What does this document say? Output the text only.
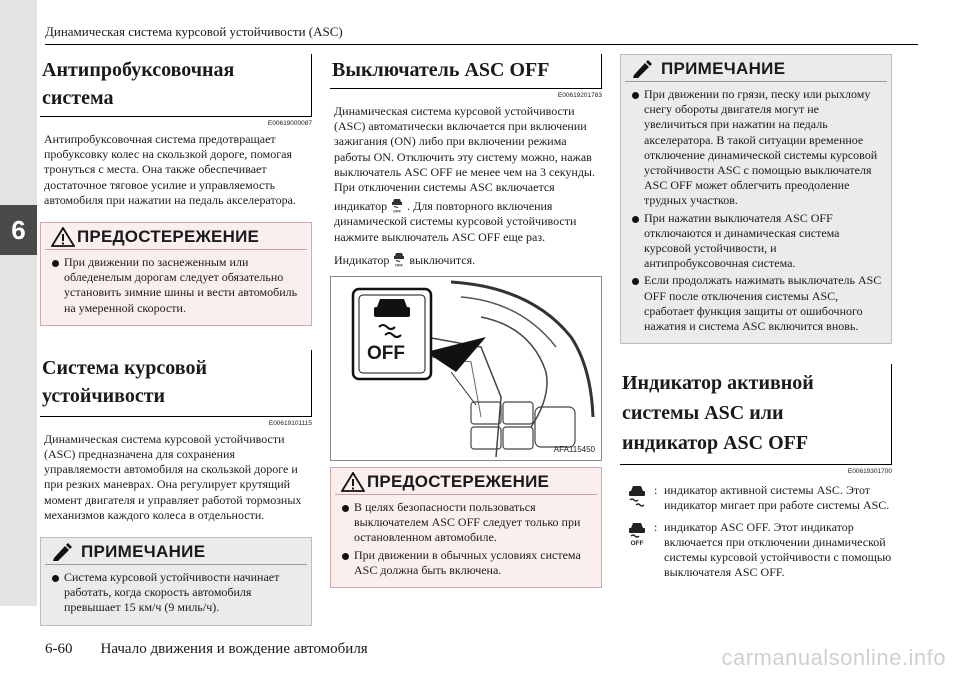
6
Динамическая система курсовой устойчивости (ASC)
Антипробуксовочная система
E00619000087

Антипробуксовочная система предотвращает пробуксовку колес на скользкой дороге, помогая тронуться с места. Она также обеспечивает достаточное тяговое усилие и управляемость автомобиля при нажатии на педаль акселератора.

ПРЕДОСТЕРЕЖЕНИЕ
При движении по заснеженным или обледенелым дорогам следует обязательно установить зимние шины и вести автомобиль на умеренной скорости.
Система курсовой устойчивости
E00619101115

Динамическая система курсовой устойчивости (ASC) предназначена для сохранения управляемости автомобиля на скользкой дороге и при резких маневрах. Она регулирует крутящий момент двигателя и управляет работой тормозных механизмов каждого колеса в отдельности.

ПРИМЕЧАНИЕ
Система курсовой устойчивости начинает работать, когда скорость автомобиля превышает 15 км/ч (9 миль/ч).
Выключатель ASC OFF
E00619201783

Динамическая система курсовой устойчивости (ASC) автоматически включается при включении зажигания (ON) либо при включении режима работы ON. Отключить эту систему можно, нажав выключатель ASC OFF не менее чем на 3 секунды.

При отключении системы ASC включается

индикатор OFF . Для повторного включения динамической системы курсовой устойчивости нажмите выключатель ASC OFF еще раз.

Индикатор OFF выключится.

OFF
AFA115450
ПРЕДОСТЕРЕЖЕНИЕ
В целях безопасности пользоваться выключателем ASC OFF следует только при остановленном автомобиле.
При движении в обычных условиях система ASC должна быть включена.
ПРИМЕЧАНИЕ
При движении по грязи, песку или рыхлому снегу обороты двигателя могут не увеличиться при нажатии на педаль акселератора. В такой ситуации временное отключение динамической системы курсовой устойчивости ASC с помощью выключателя ASC OFF может облегчить преодоление трудных участков.
При нажатии выключателя ASC OFF отключаются и динамическая система курсовой устойчивости, и антипробуксовочная система.
Если продолжать нажимать выключатель ASC OFF после отключения системы ASC, сработает функция защиты от ошибочного нажатия и система ASC включится вновь.
Индикатор активной системы ASC или индикатор ASC OFF
E00619301700
: индикатор активной системы ASC. Этот индикатор мигает при работе системы ASC.
OFF
: индикатор ASC OFF. Этот индикатор включается при отключении динамической системы курсовой устойчивости с помощью выключателя ASC OFF.
6-60 Начало движения и вождение автомобиля	carmanualsonline.info
